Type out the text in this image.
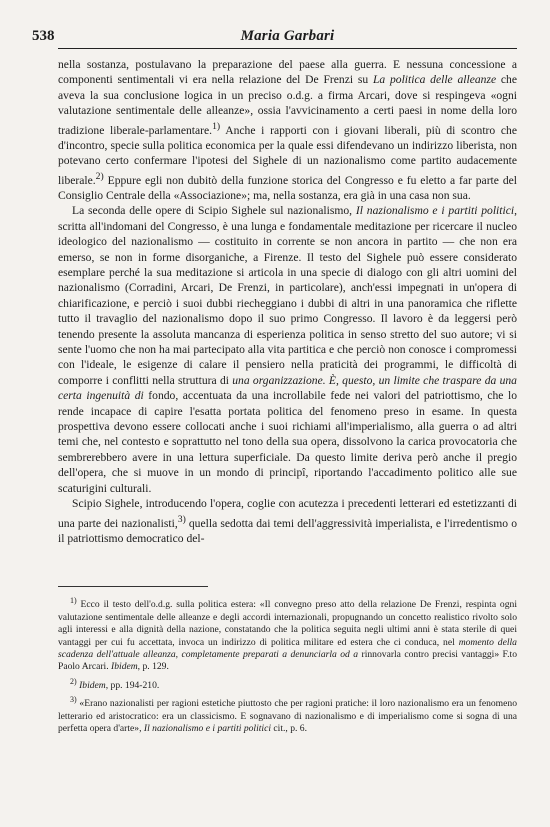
538	Maria Garbari

nella sostanza, postulavano la preparazione del paese alla guerra. E nessuna concessione a componenti sentimentali vi era nella relazione del De Frenzi su La politica delle alleanze che aveva la sua conclusione logica in un preciso o.d.g. a firma Arcari, dove si respingeva «ogni valutazione sentimentale delle alleanze», ossia l'avvicinamento a certi paesi in nome della loro tradizione liberale-parlamentare.$^{1)}$ Anche i rapporti con i giovani liberali, più di scontro che d'incontro, specie sulla politica economica per la quale essi difendevano un indirizzo liberista, non potevano certo confermare l'ipotesi del Sighele di un nazionalismo come partito audacemente liberale.$^{2)}$ Eppure egli non dubitò della funzione storica del Congresso e fu eletto a far parte del Consiglio Centrale della «Associazione»; ma, nella sostanza, era già in una casa non sua.

La seconda delle opere di Scipio Sighele sul nazionalismo, Il nazionalismo e i partiti politici, scritta all'indomani del Congresso, è una lunga e fondamentale meditazione per ricercare il nucleo ideologico del nazionalismo — costituito in corrente se non ancora in partito — che non era emerso, se non in forme disorganiche, a Firenze. Il testo del Sighele può essere considerato esemplare perché la sua meditazione si articola in una specie di dialogo con gli altri uomini del nazionalismo (Corradini, Arcari, De Frenzi, in particolare), anch'essi impegnati in un'opera di chiarificazione, e perciò i suoi dubbi riecheggiano i dubbi di altri in una panoramica che riflette tutto il travaglio del nazionalismo dopo il suo primo Congresso. Il lavoro è da leggersi però tenendo presente la assoluta mancanza di esperienza politica in senso stretto del suo autore; vi si sente l'uomo che non ha mai partecipato alla vita partitica e che perciò non conosce i compromessi con l'ideale, le esigenze di calare il pensiero nella praticità dei programmi, le difficoltà di comporre i conflitti nella struttura di una organizzazione. È, questo, un limite che traspare da una certa ingenuità di fondo, accentuata da una incrollabile fede nei valori del patriottismo, che lo rende incapace di capire l'esatta portata politica del fenomeno preso in esame. In questa prospettiva devono essere collocati anche i suoi richiami all'imperialismo, alla guerra o ad altri temi che, nel contesto e soprattutto nel tono della sua opera, dissolvono la carica provocatoria che sembrerebbero avere in una lettura superficiale. Da questo limite deriva però anche il pregio dell'opera, che si muove in un mondo di principî, riportando l'accadimento politico alle sue scaturigini culturali.

Scipio Sighele, introducendo l'opera, coglie con acutezza i precedenti letterari ed estetizzanti di una parte dei nazionalisti,$^{3)}$ quella sedotta dai temi dell'aggressività imperialista, e l'irredentismo o il patriottismo democratico del-

$^{1)}$ Ecco il testo dell'o.d.g. sulla politica estera: «Il convegno preso atto della relazione De Frenzi, respinta ogni valutazione sentimentale delle alleanze e degli accordi internazionali, propugnando un concetto realistico rivolto solo agli interessi e alla dignità della nazione, constatando che la politica seguita negli ultimi anni è stata sterile di quei vantaggi per cui fu accettata, invoca un indirizzo di politica militare ed estera che ci conduca, nel momento della scadenza dell'attuale alleanza, completamente preparati a denunciarla od a rinnovarla contro precisi vantaggi» F.to Paolo Arcari. Ibidem, p. 129.

$^{2)}$ Ibidem, pp. 194-210.

$^{3)}$ «Erano nazionalisti per ragioni estetiche piuttosto che per ragioni pratiche: il loro nazionalismo era un fenomeno letterario ed aristocratico: era un classicismo. E sognavano di nazionalismo e di imperialismo come si sogna di una perfetta opera d'arte», Il nazionalismo e i partiti politici cit., p. 6.
